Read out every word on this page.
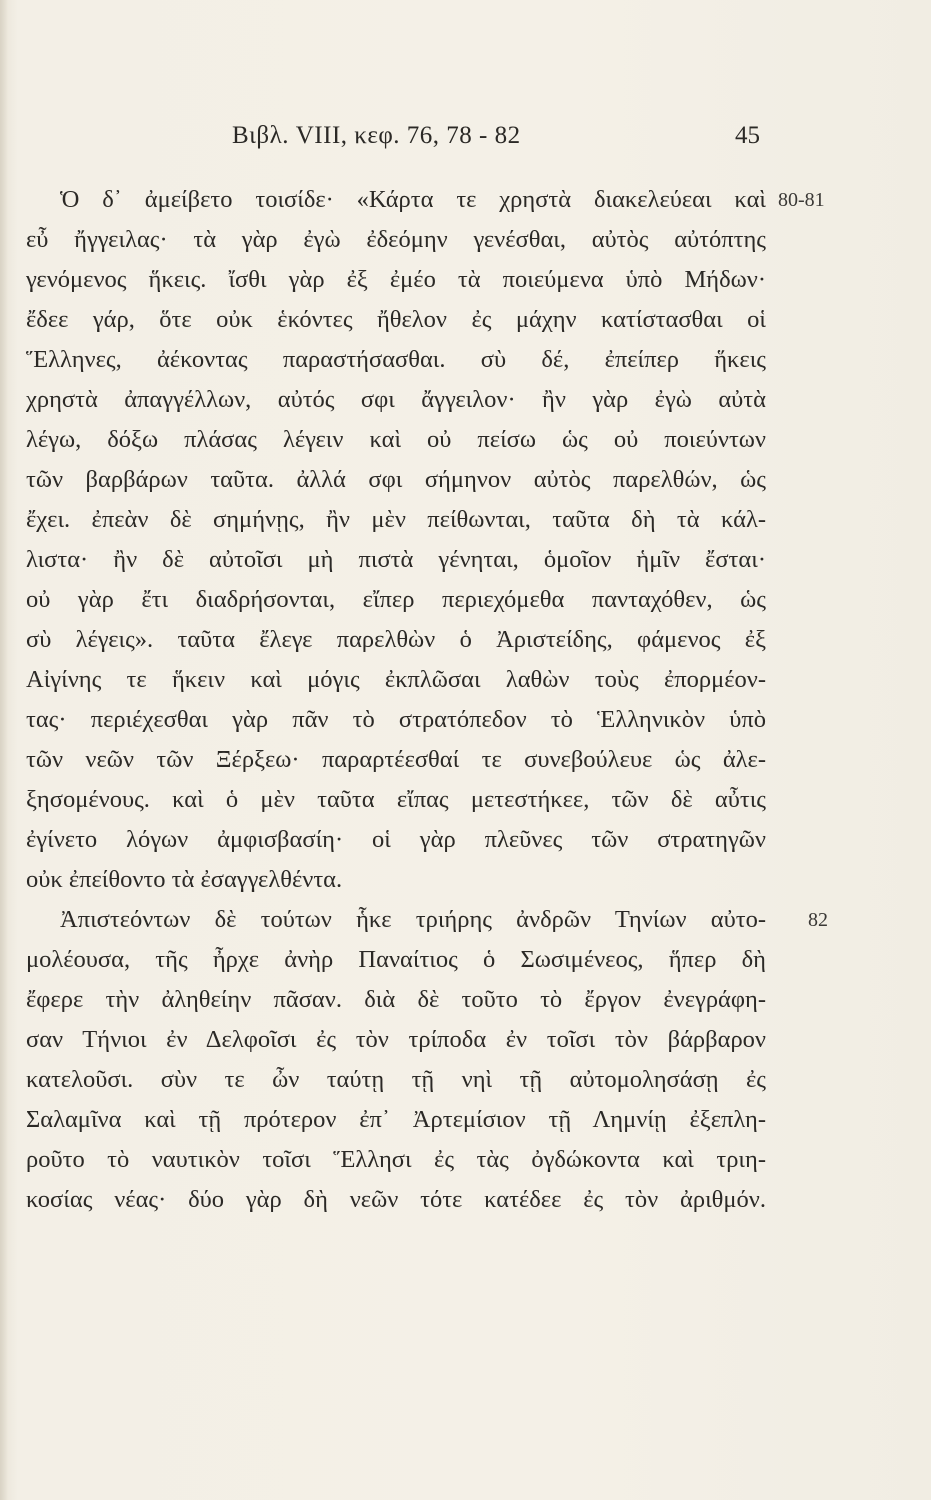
Βιβλ. VIII, κεφ. 76, 78 - 82	45
Ὁ δ᾽ ἀμείβετο τοισίδε· «Κάρτα τε χρηστὰ διακελεύεαι καὶ
εὖ ἤγγειλας· τὰ γὰρ ἐγὼ ἐδεόμην γενέσθαι, αὐτὸς αὐτόπτης
γενόμενος ἥκεις. ἴσθι γὰρ ἐξ ἐμέο τὰ ποιεύμενα ὑπὸ Μήδων·
ἔδεε γάρ, ὅτε οὐκ ἑκόντες ἤθελον ἐς μάχην κατίστασθαι οἱ
Ἕλληνες, ἀέκοντας παραστήσασθαι. σὺ δέ, ἐπείπερ ἥκεις
χρηστὰ ἀπαγγέλλων, αὐτός σφι ἄγγειλον· ἢν γὰρ ἐγὼ αὐτὰ
λέγω, δόξω πλάσας λέγειν καὶ οὐ πείσω ὡς οὐ ποιεύντων
τῶν βαρβάρων ταῦτα. ἀλλά σφι σήμηνον αὐτὸς παρελθών, ὡς
ἔχει. ἐπεὰν δὲ σημήνῃς, ἢν μὲν πείθωνται, ταῦτα δὴ τὰ κάλ-
λιστα· ἢν δὲ αὐτοῖσι μὴ πιστὰ γένηται, ὁμοῖον ἡμῖν ἔσται·
οὐ γὰρ ἔτι διαδρήσονται, εἴπερ περιεχόμεθα πανταχόθεν, ὡς
σὺ λέγεις». ταῦτα ἔλεγε παρελθὼν ὁ Ἀριστείδης, φάμενος ἐξ
Αἰγίνης τε ἥκειν καὶ μόγις ἐκπλῶσαι λαθὼν τοὺς ἐπορμέον-
τας· περιέχεσθαι γὰρ πᾶν τὸ στρατόπεδον τὸ Ἑλληνικὸν ὑπὸ
τῶν νεῶν τῶν Ξέρξεω· παραρτέεσθαί τε συνεβούλευε ὡς ἀλε-
ξησομένους. καὶ ὁ μὲν ταῦτα εἴπας μετεστήκεε, τῶν δὲ αὖτις
ἐγίνετο λόγων ἀμφισβασίη· οἱ γὰρ πλεῦνες τῶν στρατηγῶν
οὐκ ἐπείθοντο τὰ ἐσαγγελθέντα.
Ἀπιστεόντων δὲ τούτων ἧκε τριήρης ἀνδρῶν Τηνίων αὐτο-
μολέουσα, τῆς ἦρχε ἀνὴρ Παναίτιος ὁ Σωσιμένεος, ἥπερ δὴ
ἔφερε τὴν ἀληθείην πᾶσαν. διὰ δὲ τοῦτο τὸ ἔργον ἐνεγράφη-
σαν Τήνιοι ἐν Δελφοῖσι ἐς τὸν τρίποδα ἐν τοῖσι τὸν βάρβαρον
κατελοῦσι. σὺν τε ὦν ταύτῃ τῇ νηὶ τῇ αὐτομολησάσῃ ἐς
Σαλαμῖνα καὶ τῇ πρότερον ἐπ᾽ Ἀρτεμίσιον τῇ Λημνίῃ ἐξεπλη-
ροῦτο τὸ ναυτικὸν τοῖσι Ἕλλησι ἐς τὰς ὀγδώκοντα καὶ τριη-
κοσίας νέας· δύο γὰρ δὴ νεῶν τότε κατέδεε ἐς τὸν ἀριθμόν.
80-81
82
